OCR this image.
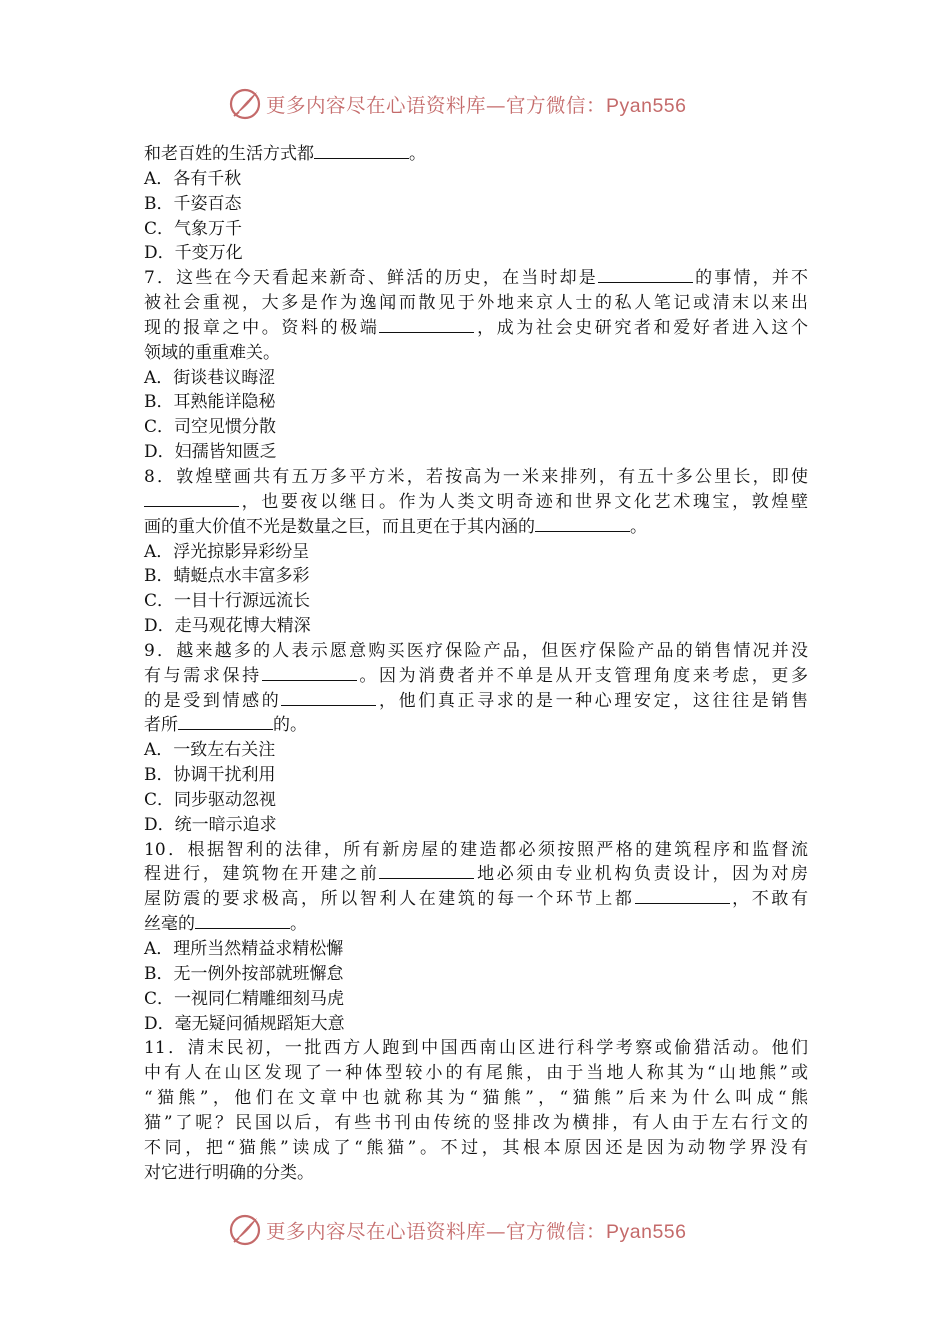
更多内容尽在心语资料库—官方微信：Pyan556
和老百姓的生活方式都	。
A．各有千秋
B．千姿百态
C．气象万千
D．千变万化
7．这些在今天看起来新奇、鲜活的历史，在当时却是	的事情，并不
被社会重视，大多是作为逸闻而散见于外地来京人士的私人笔记或清末以来出
现的报章之中。资料的极端	，成为社会史研究者和爱好者进入这个
领域的重重难关。
A．街谈巷议晦涩
B．耳熟能详隐秘
C．司空见惯分散
D．妇孺皆知匮乏
8．敦煌壁画共有五万多平方米，若按高为一米来排列，有五十多公里长，即使
，也要夜以继日。作为人类文明奇迹和世界文化艺术瑰宝，敦煌壁
画的重大价值不光是数量之巨，而且更在于其内涵的	。
A．浮光掠影异彩纷呈
B．蜻蜓点水丰富多彩
C．一目十行源远流长
D．走马观花博大精深
9．越来越多的人表示愿意购买医疗保险产品，但医疗保险产品的销售情况并没
有与需求保持	。因为消费者并不单是从开支管理角度来考虑，更多
的是受到情感的	，他们真正寻求的是一种心理安定，这往往是销售
者所	的。
A．一致左右关注
B．协调干扰利用
C．同步驱动忽视
D．统一暗示追求
10．根据智利的法律，所有新房屋的建造都必须按照严格的建筑程序和监督流
程进行，建筑物在开建之前	地必须由专业机构负责设计，因为对房
屋防震的要求极高，所以智利人在建筑的每一个环节上都	，不敢有
丝毫的	。
A．理所当然精益求精松懈
B．无一例外按部就班懈怠
C．一视同仁精雕细刻马虎
D．毫无疑问循规蹈矩大意
11．清末民初，一批西方人跑到中国西南山区进行科学考察或偷猎活动。他们
中有人在山区发现了一种体型较小的有尾熊，由于当地人称其为“山地熊”或
“猫熊”，他们在文章中也就称其为“猫熊”，“猫熊”后来为什么叫成“熊
猫”了呢？民国以后，有些书刊由传统的竖排改为横排，有人由于左右行文的
不同，把“猫熊”读成了“熊猫”。不过，其根本原因还是因为动物学界没有
对它进行明确的分类。
更多内容尽在心语资料库—官方微信：Pyan556
